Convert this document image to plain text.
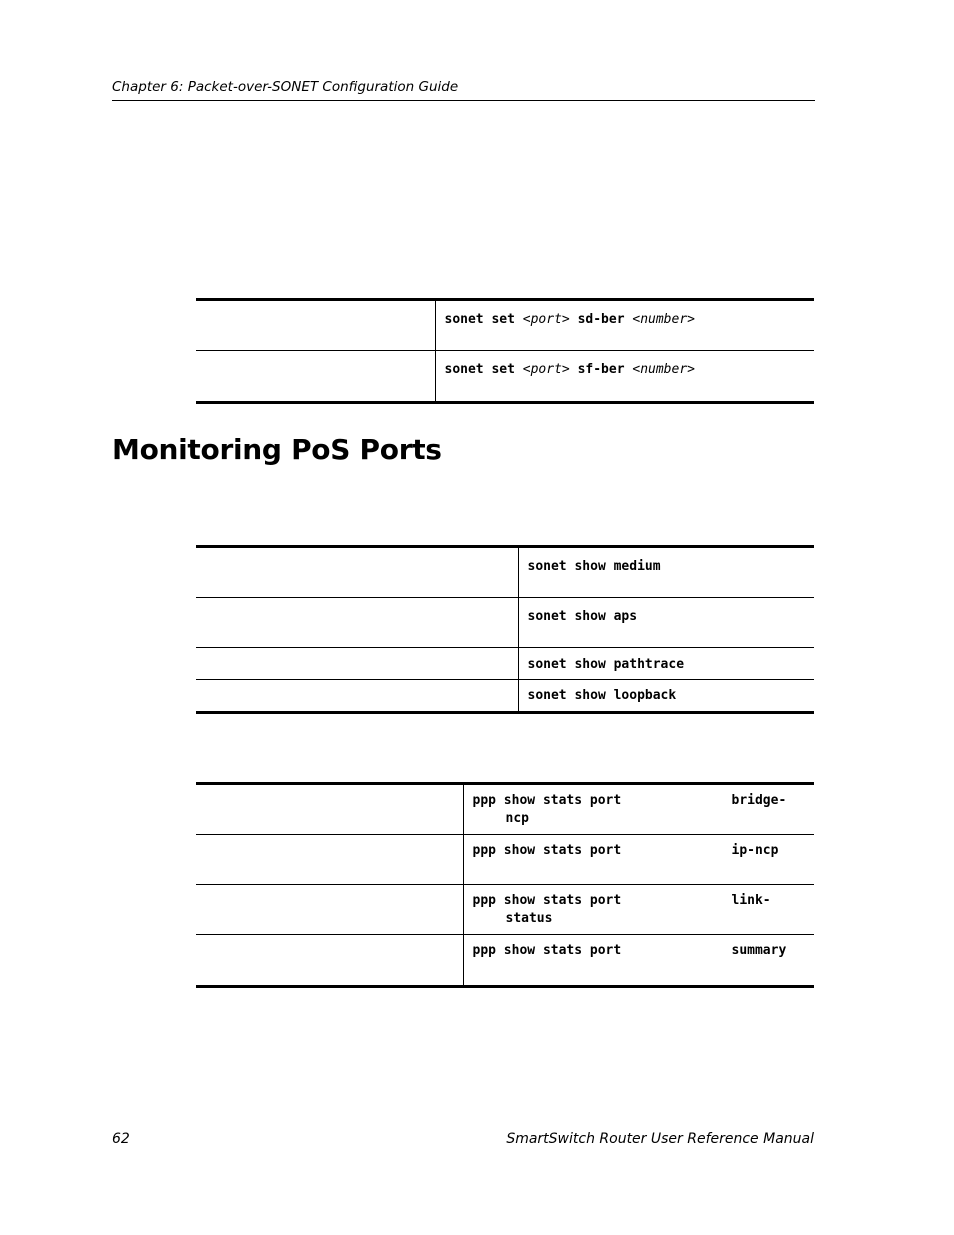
Chapter 6: Packet-over-SONET Configuration Guide
	sonet set <port> sd-ber <number>
	sonet set <port> sf-ber <number>
Monitoring PoS Ports
	sonet show medium
	sonet show aps
	sonet show pathtrace
	sonet show loopback

	ppp show stats port bridge-
ncp

	ppp show stats port ip-ncp

	ppp show stats port link-
status

	ppp show stats port summary
62	SmartSwitch Router User Reference Manual
